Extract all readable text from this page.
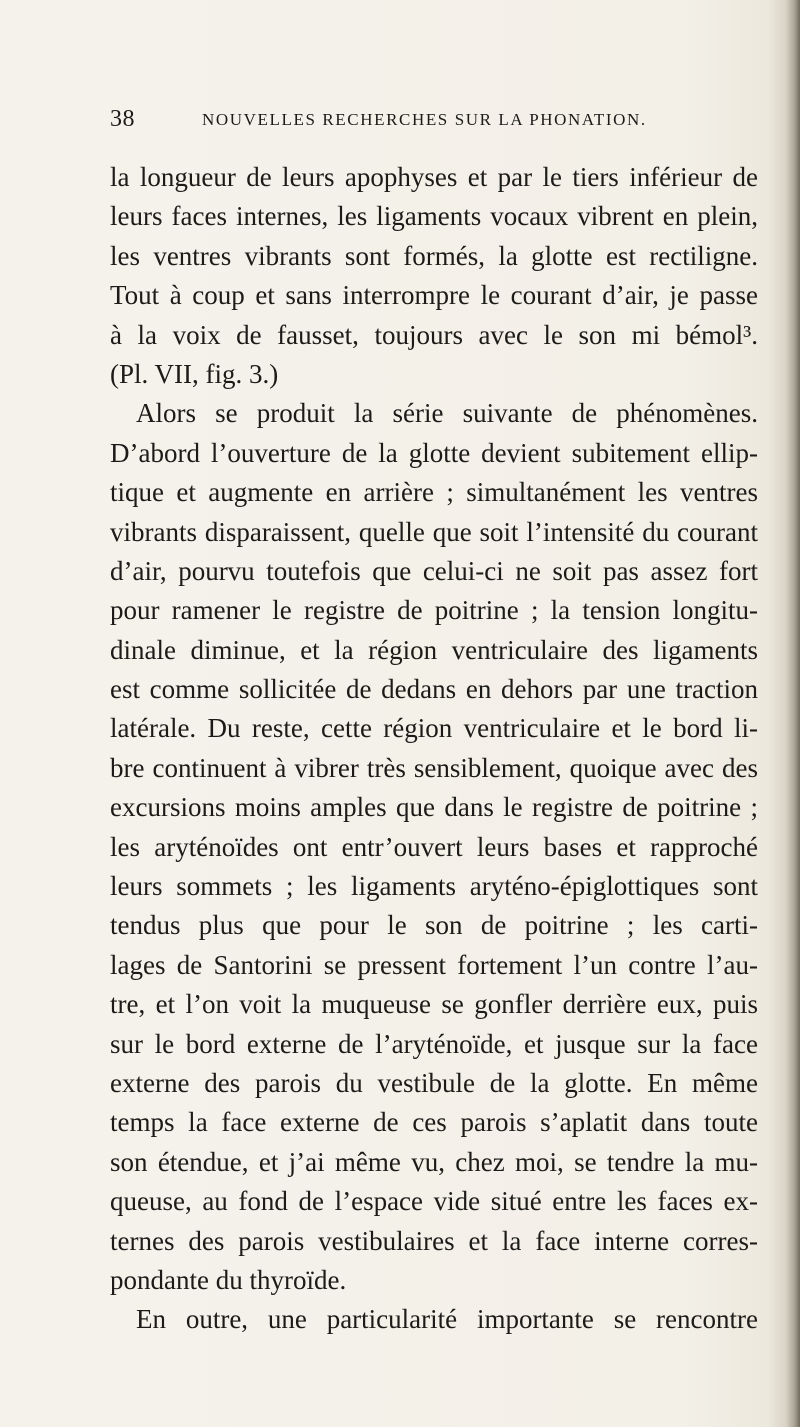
38	NOUVELLES RECHERCHES SUR LA PHONATION.
la longueur de leurs apophyses et par le tiers inférieur de
leurs faces internes, les ligaments vocaux vibrent en plein,
les ventres vibrants sont formés, la glotte est rectiligne.
Tout à coup et sans interrompre le courant d’air, je passe
à la voix de fausset, toujours avec le son mi bémol³.
(Pl. VII, fig. 3.)
Alors se produit la série suivante de phénomènes.
D’abord l’ouverture de la glotte devient subitement ellip-
tique et augmente en arrière ; simultanément les ventres
vibrants disparaissent, quelle que soit l’intensité du courant
d’air, pourvu toutefois que celui-ci ne soit pas assez fort
pour ramener le registre de poitrine ; la tension longitu-
dinale diminue, et la région ventriculaire des ligaments
est comme sollicitée de dedans en dehors par une traction
latérale. Du reste, cette région ventriculaire et le bord li-
bre continuent à vibrer très sensiblement, quoique avec des
excursions moins amples que dans le registre de poitrine ;
les aryténoïdes ont entr’ouvert leurs bases et rapproché
leurs sommets ; les ligaments aryténo-épiglottiques sont
tendus plus que pour le son de poitrine ; les carti-
lages de Santorini se pressent fortement l’un contre l’au-
tre, et l’on voit la muqueuse se gonfler derrière eux, puis
sur le bord externe de l’aryténoïde, et jusque sur la face
externe des parois du vestibule de la glotte. En même
temps la face externe de ces parois s’aplatit dans toute
son étendue, et j’ai même vu, chez moi, se tendre la mu-
queuse, au fond de l’espace vide situé entre les faces ex-
ternes des parois vestibulaires et la face interne corres-
pondante du thyroïde.
En outre, une particularité importante se rencontre
